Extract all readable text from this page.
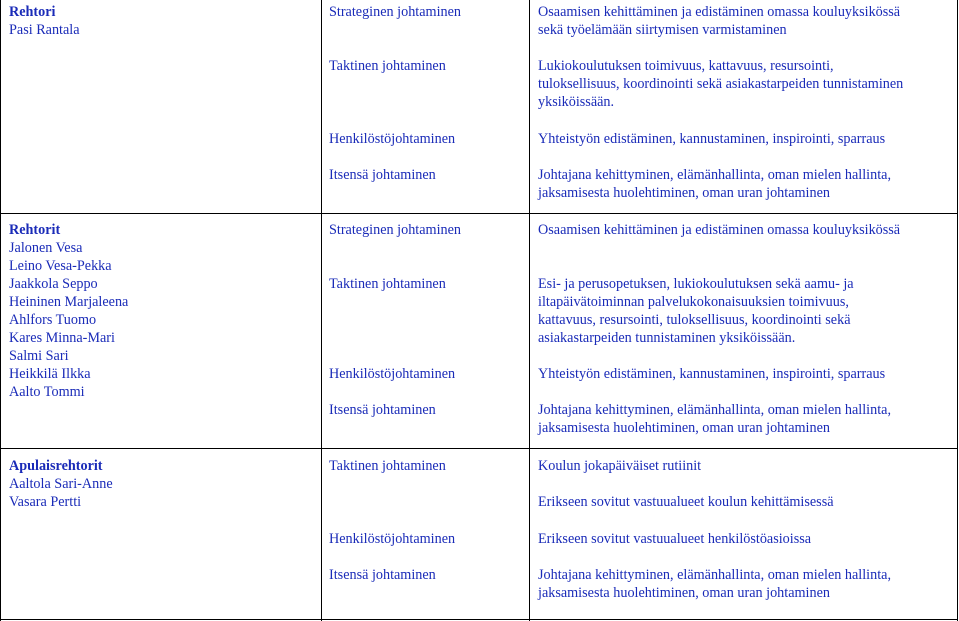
Rehtori
Pasi Rantala
Strateginen johtaminen
Taktinen johtaminen
Henkilöstöjohtaminen
Itsensä johtaminen
Osaamisen kehittäminen ja edistäminen omassa kouluyksikössä
sekä työelämään siirtymisen varmistaminen
Lukiokoulutuksen toimivuus, kattavuus, resursointi,
tuloksellisuus, koordinointi sekä asiakastarpeiden tunnistaminen
yksiköissään.
Yhteistyön edistäminen, kannustaminen, inspirointi, sparraus
Johtajana kehittyminen, elämänhallinta, oman mielen hallinta,
jaksamisesta huolehtiminen, oman uran johtaminen
Rehtorit
Jalonen Vesa
Leino Vesa-Pekka
Jaakkola Seppo
Heininen Marjaleena
Ahlfors Tuomo
Kares Minna-Mari
Salmi Sari
Heikkilä Ilkka
Aalto Tommi
Strateginen johtaminen
Taktinen johtaminen
Henkilöstöjohtaminen
Itsensä johtaminen
Osaamisen kehittäminen ja edistäminen omassa kouluyksikössä
Esi- ja perusopetuksen, lukiokoulutuksen sekä aamu- ja
iltapäivätoiminnan palvelukokonaisuuksien toimivuus,
kattavuus, resursointi, tuloksellisuus, koordinointi sekä
asiakastarpeiden tunnistaminen yksiköissään.
Yhteistyön edistäminen, kannustaminen, inspirointi, sparraus
Johtajana kehittyminen, elämänhallinta, oman mielen hallinta,
jaksamisesta huolehtiminen, oman uran johtaminen
Apulaisrehtorit
Aaltola Sari-Anne
Vasara Pertti
Taktinen johtaminen
Henkilöstöjohtaminen
Itsensä johtaminen
Koulun jokapäiväiset rutiinit
Erikseen sovitut vastuualueet koulun kehittämisessä
Erikseen sovitut vastuualueet henkilöstöasioissa
Johtajana kehittyminen, elämänhallinta, oman mielen hallinta,
jaksamisesta huolehtiminen, oman uran johtaminen
